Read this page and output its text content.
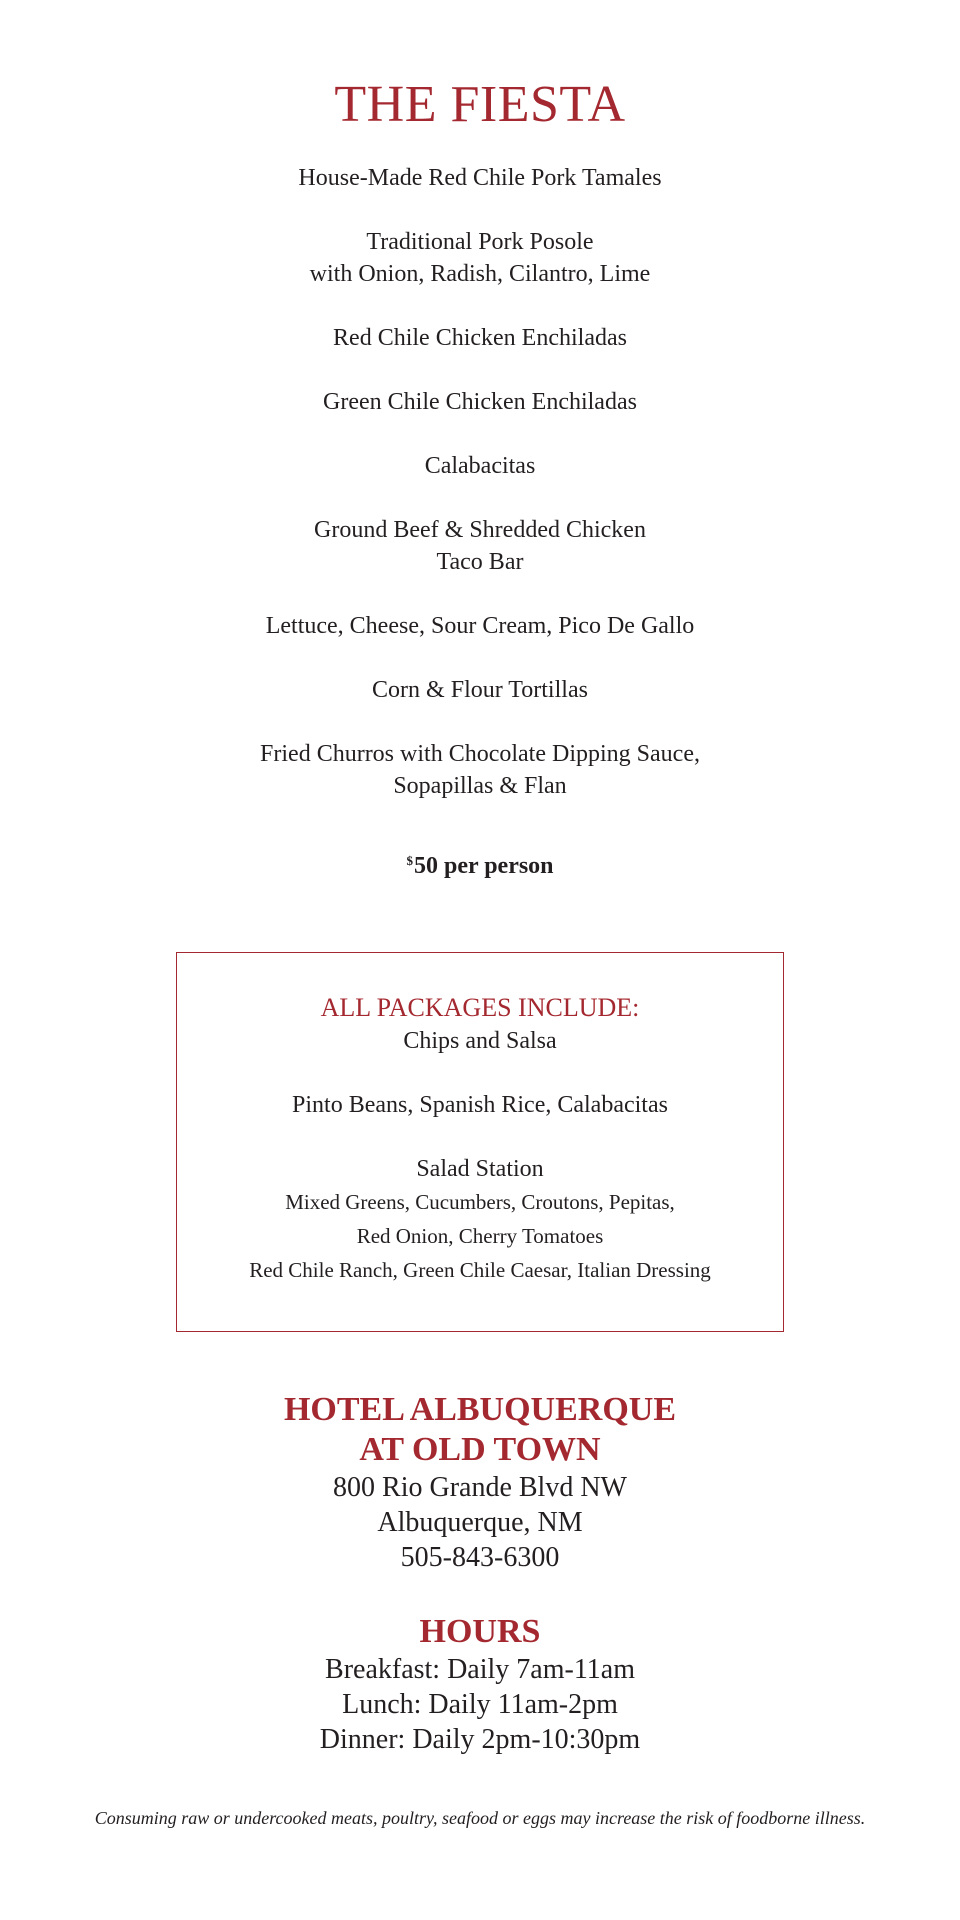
THE FIESTA
House-Made Red Chile Pork Tamales
Traditional Pork Posole
with Onion, Radish, Cilantro, Lime
Red Chile Chicken Enchiladas
Green Chile Chicken Enchiladas
Calabacitas
Ground Beef & Shredded Chicken
Taco Bar
Lettuce, Cheese, Sour Cream, Pico De Gallo
Corn & Flour Tortillas
Fried Churros with Chocolate Dipping Sauce,
Sopapillas & Flan
$50 per person
ALL PACKAGES INCLUDE:

Chips and Salsa

Pinto Beans, Spanish Rice, Calabacitas

Salad Station

Mixed Greens, Cucumbers, Croutons, Pepitas,

Red Onion, Cherry Tomatoes

Red Chile Ranch, Green Chile Caesar, Italian Dressing

HOTEL ALBUQUERQUE

AT OLD TOWN

800 Rio Grande Blvd NW

Albuquerque, NM

505-843-6300

HOURS

Breakfast: Daily 7am-11am

Lunch: Daily 11am-2pm

Dinner: Daily 2pm-10:30pm

Consuming raw or undercooked meats, poultry, seafood or eggs may increase the risk of foodborne illness.
